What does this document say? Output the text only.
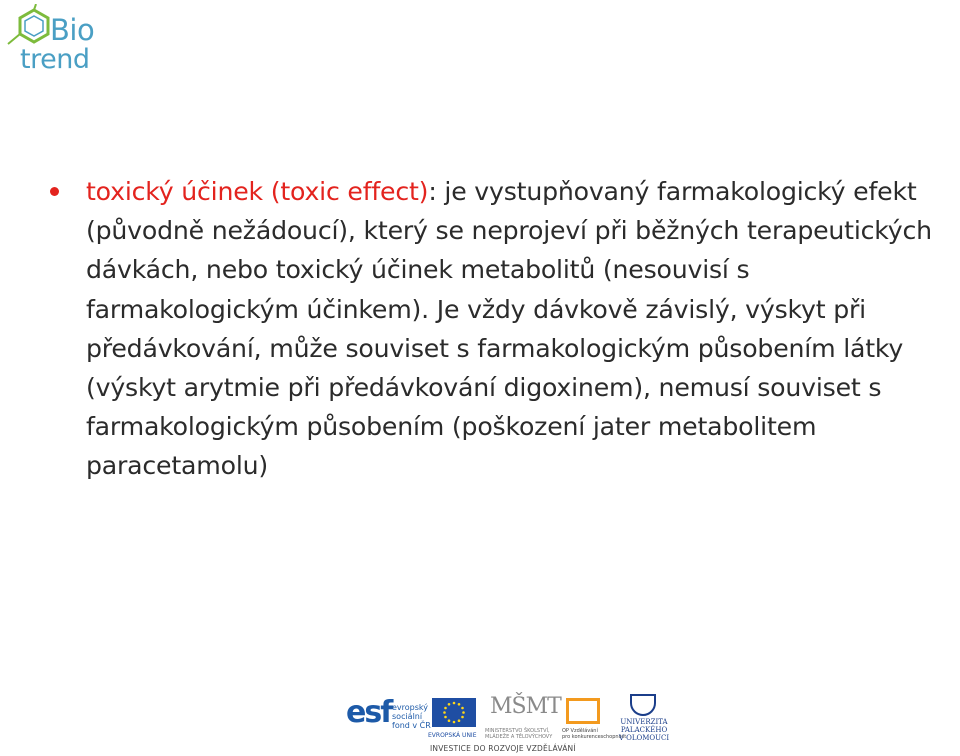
Bio
trend

toxický účinek (toxic effect): je vystupňovaný farmakologický efekt (původně nežádoucí), který se neprojeví při běžných terapeutických dávkách, nebo toxický účinek metabolitů (nesouvisí s farmakologickým účinkem). Je vždy dávkově závislý, výskyt při předávkování, může souviset s farmakologickým působením látky (výskyt arytmie při předávkování digoxinem), nemusí souviset s farmakologickým působením (poškození jater metabolitem paracetamolu)

esf evropský
sociální
fond v ČR
EVROPSKÁ UNIE
MŠMT
MINISTERSTVO ŠKOLSTVÍ,
MLÁDEŽE A TĚLOVÝCHOVY
OP Vzdělávání
pro konkurenceschopnost
UNIVERZITA
PALACKÉHO
V OLOMOUCI
INVESTICE DO ROZVOJE VZDĚLÁVÁNÍ
